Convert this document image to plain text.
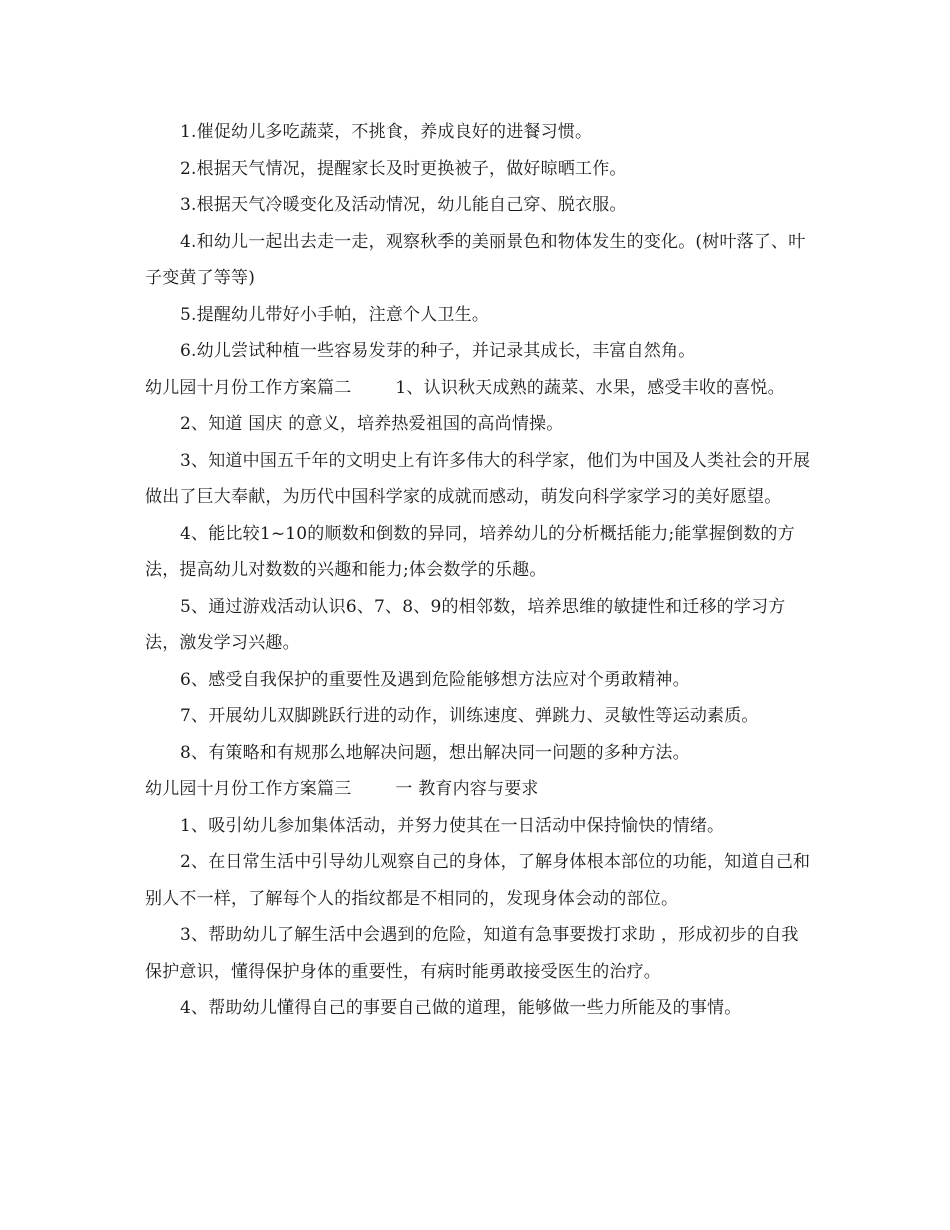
1.催促幼儿多吃蔬菜，不挑食，养成良好的进餐习惯。

2.根据天气情况，提醒家长及时更换被子，做好晾晒工作。

3.根据天气冷暖变化及活动情况，幼儿能自己穿、脱衣服。

4.和幼儿一起出去走一走，观察秋季的美丽景色和物体发生的变化。(树叶落了、叶子变黄了等等)

5.提醒幼儿带好小手帕，注意个人卫生。

6.幼儿尝试种植一些容易发芽的种子，并记录其成长，丰富自然角。

幼儿园十月份工作方案篇二	1、认识秋天成熟的蔬菜、水果，感受丰收的喜悦。

2、知道 国庆 的意义，培养热爱祖国的高尚情操。

3、知道中国五千年的文明史上有许多伟大的科学家，他们为中国及人类社会的开展做出了巨大奉献，为历代中国科学家的成就而感动，萌发向科学家学习的美好愿望。

4、能比较1~10的顺数和倒数的异同，培养幼儿的分析概括能力;能掌握倒数的方法，提高幼儿对数数的兴趣和能力;体会数学的乐趣。

5、通过游戏活动认识6、7、8、9的相邻数，培养思维的敏捷性和迁移的学习方法，激发学习兴趣。

6、感受自我保护的重要性及遇到危险能够想方法应对个勇敢精神。

7、开展幼儿双脚跳跃行进的动作，训练速度、弹跳力、灵敏性等运动素质。

8、有策略和有规那么地解决问题，想出解决同一问题的多种方法。

幼儿园十月份工作方案篇三	一 教育内容与要求

1、吸引幼儿参加集体活动，并努力使其在一日活动中保持愉快的情绪。

2、在日常生活中引导幼儿观察自己的身体，了解身体根本部位的功能，知道自己和别人不一样，了解每个人的指纹都是不相同的，发现身体会动的部位。

3、帮助幼儿了解生活中会遇到的危险，知道有急事要拨打求助 ，形成初步的自我保护意识，懂得保护身体的重要性，有病时能勇敢接受医生的治疗。

4、帮助幼儿懂得自己的事要自己做的道理，能够做一些力所能及的事情。
